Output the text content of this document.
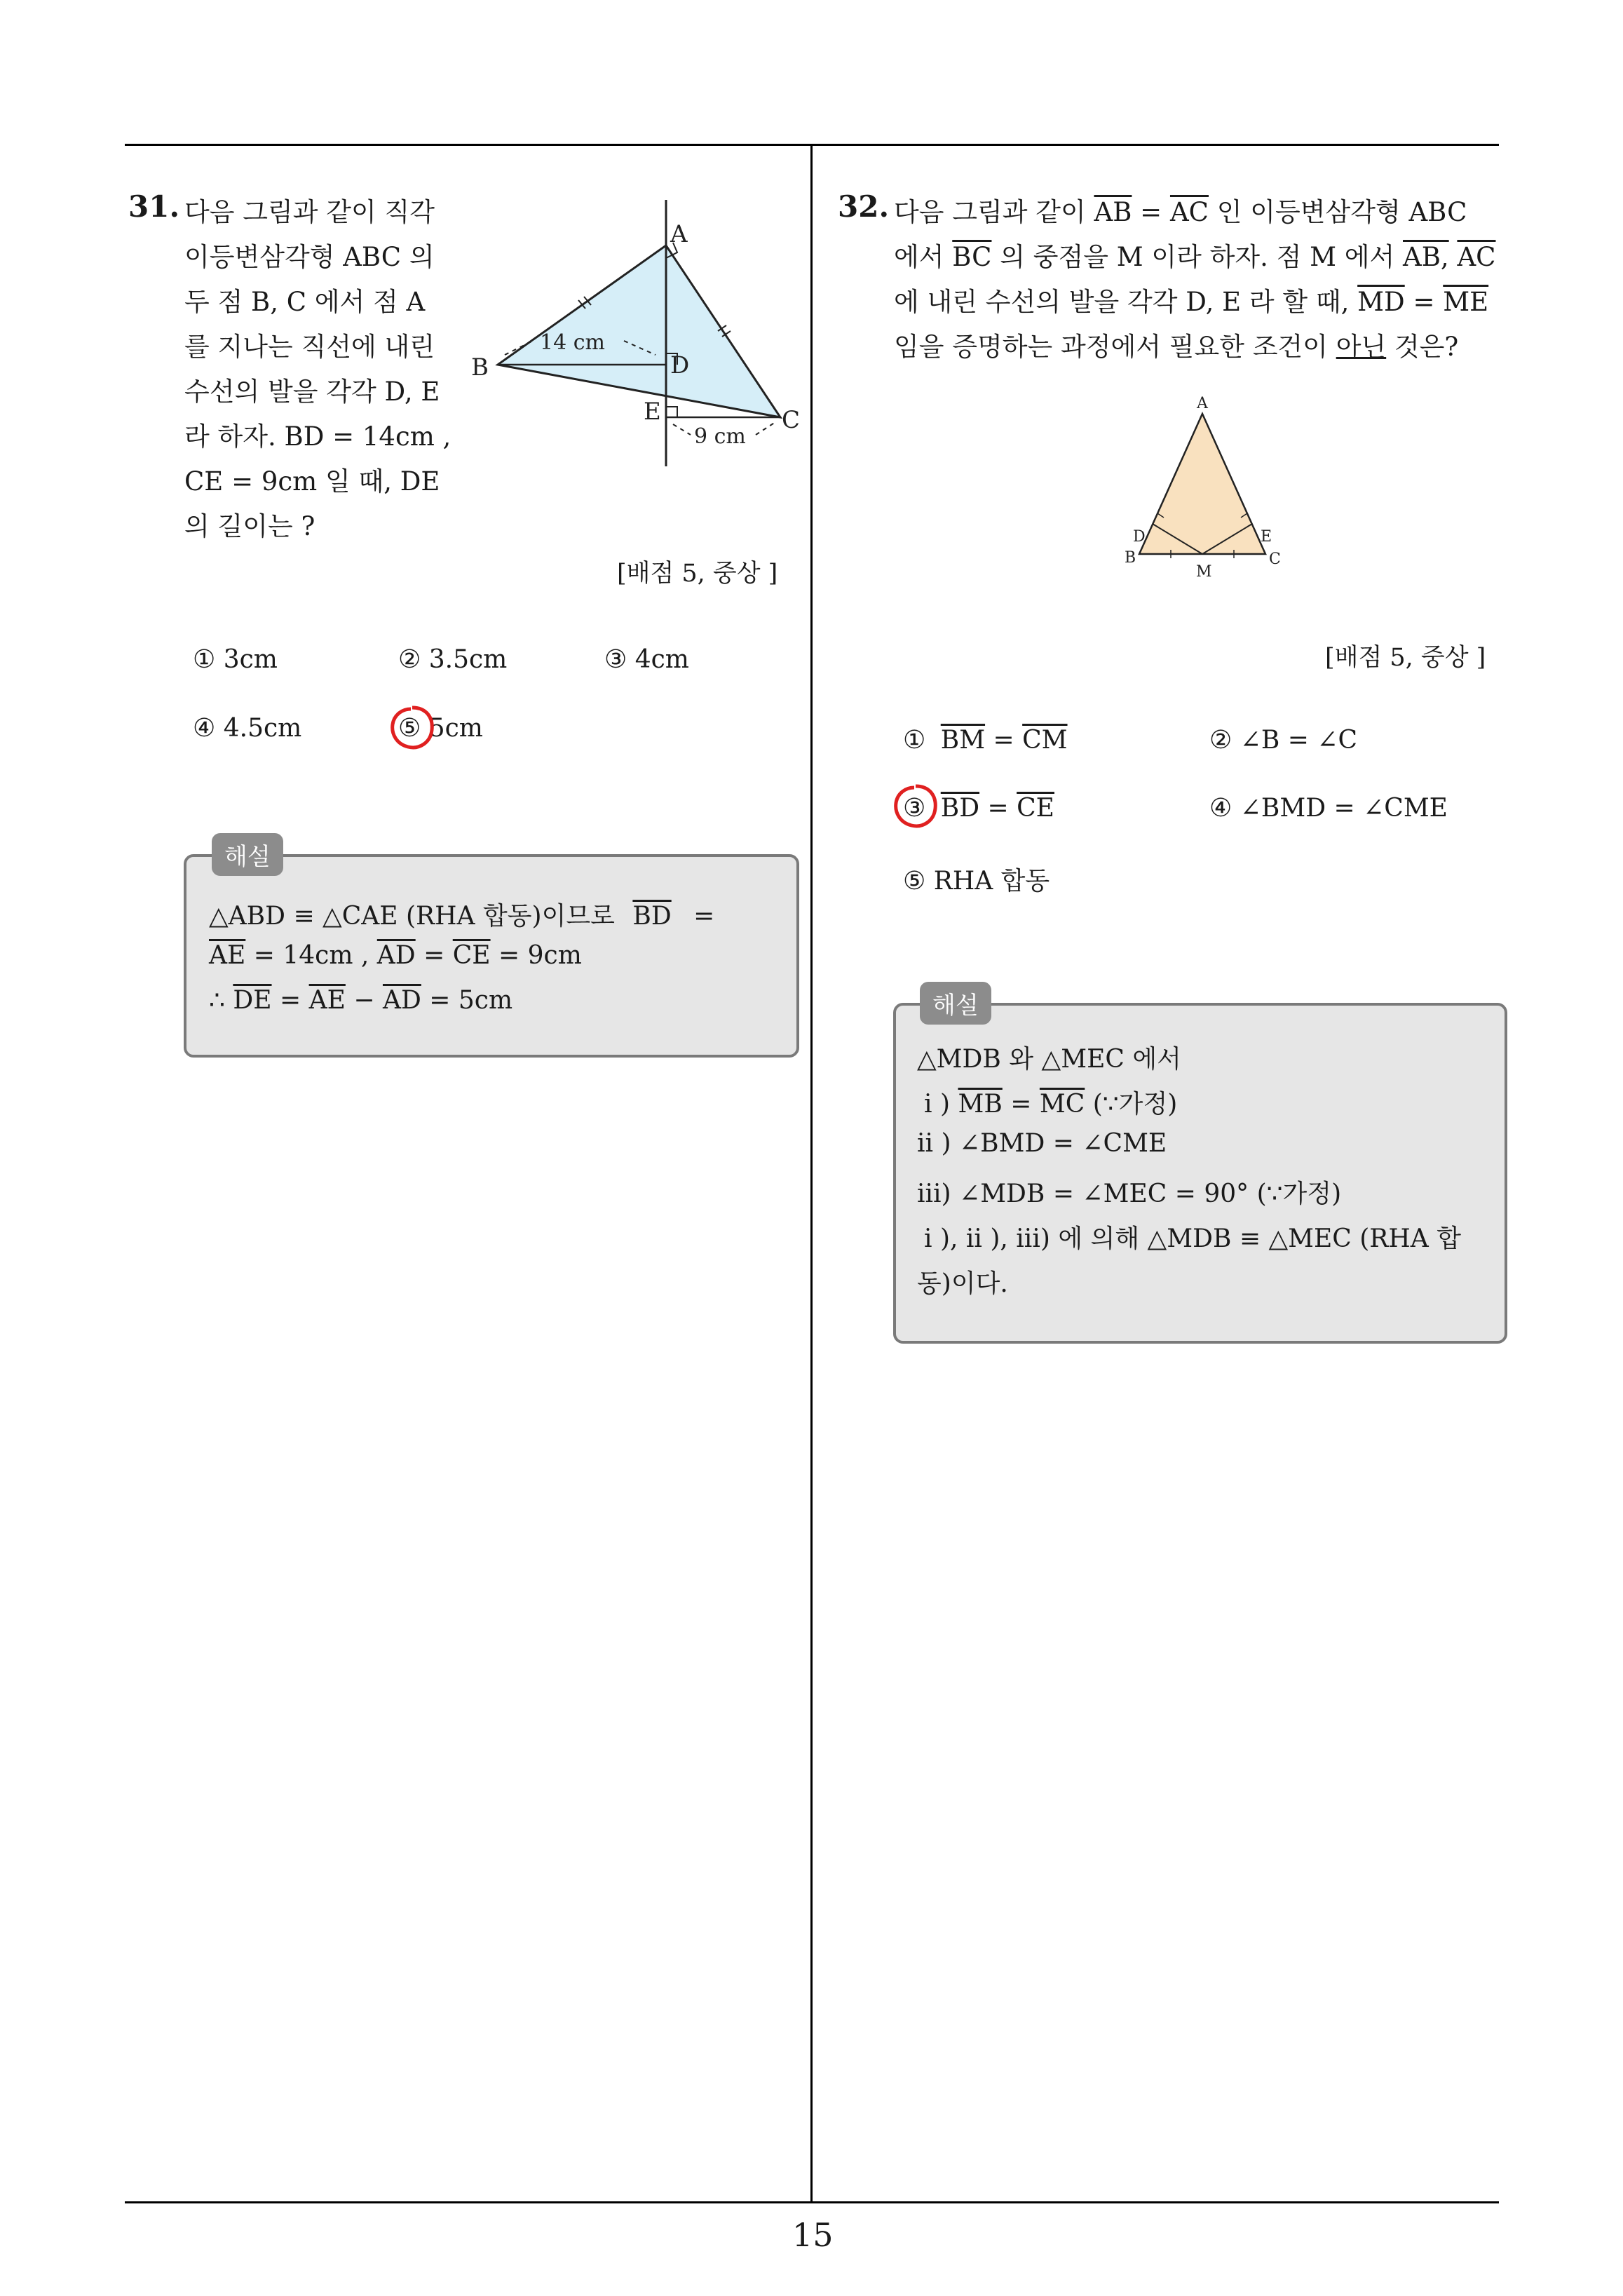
15
31. 다음 그림과 같이 직각
이등변삼각형 ABC 의
두 점 B, C 에서 점 A
를 지나는 직선에 내린
수선의 발을 각각 D, E
라 하자. BD = 14cm ,
CE = 9cm 일 때, DE
의 길이는 ?
A
B
C
D
E
14 cm
9 cm
[배점 5, 중상 ]
① 3cm	② 3.5cm	③ 4cm
④ 4.5cm	⑤ 5cm
해설
△ABD ≡ △CAE (RHA 합동)이므로 $\overline{BD}$ =
$\overline{AE} = 14cm$ , $\overline{AD} = \overline{CE} = 9cm$
∴ $\overline{DE} = \overline{AE} - \overline{AD} = 5cm$
32. 다음 그림과 같이 $\overline{AB} = \overline{AC}$ 인 이등변삼각형 ABC
에서 $\overline{BC}$ 의 중점을 M 이라 하자. 점 M 에서 AB, $\overline{AC}$
에 내린 수선의 발을 각각 D, E 라 할 때, $\overline{MD} = \overline{ME}$
임을 증명하는 과정에서 필요한 조건이 아닌 것은?
A
B	C
D	E
M
[배점 5, 중상 ]
① $\overline{BM} = \overline{CM}$	② ∠B = ∠C
③ $\overline{BD} = \overline{CE}$	④ ∠BMD = ∠CME
⑤ RHA 합동
해설
△MDB 와 △MEC 에서
i ) $\overline{MB} = \overline{MC}$ (∵가정)
ii ) ∠BMD = ∠CME
iii) ∠MDB = ∠MEC = 90° (∵가정)
i ), ii ), iii) 에 의해 △MDB ≡ △MEC (RHA 합
동)이다.
